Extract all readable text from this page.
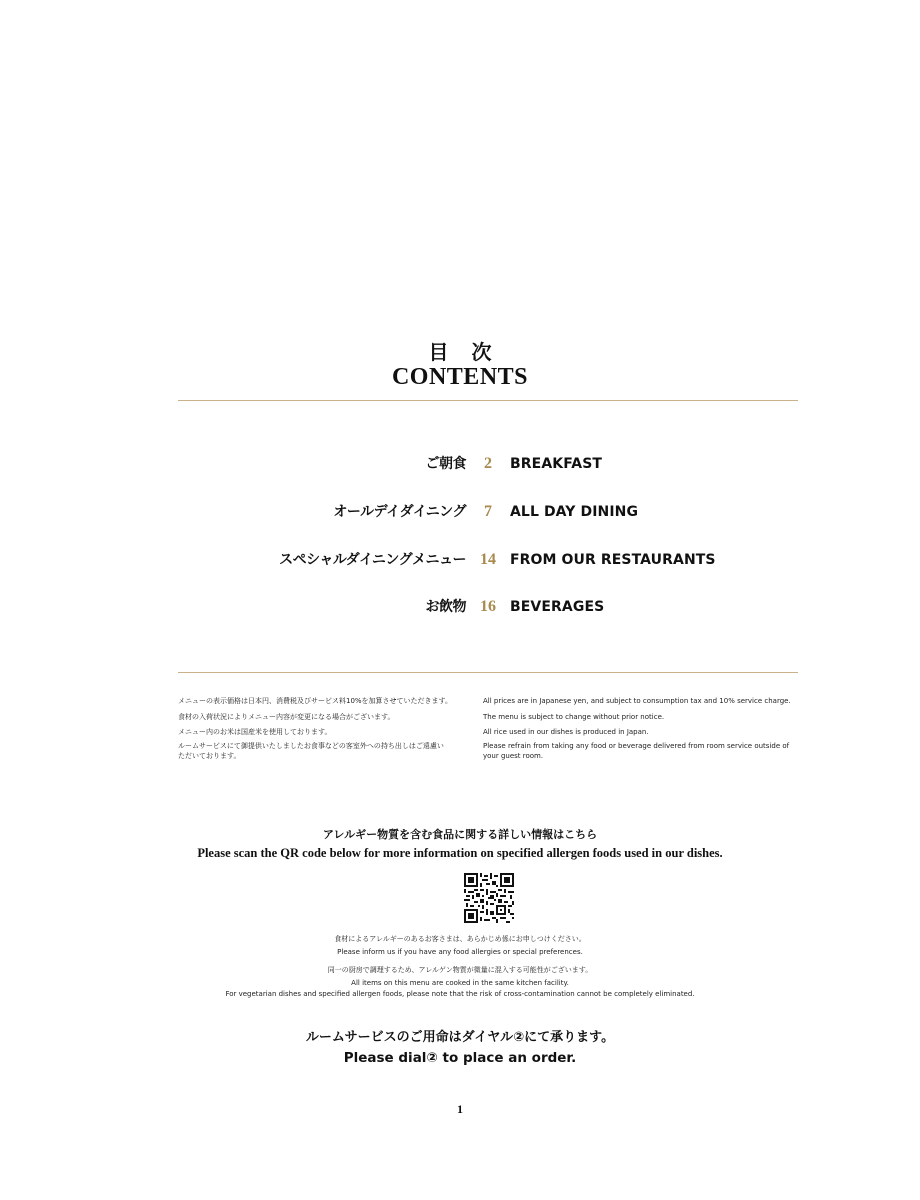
目 次
CONTENTS
ご朝食	2	BREAKFAST
オールデイダイニング	7	ALL DAY DINING
スペシャルダイニングメニュー 14	FROM OUR RESTAURANTS
お飲物 16	BEVERAGES

メニューの表示価格は日本円、消費税及びサービス料10%を加算させていただきます。

食材の入荷状況によりメニュー内容が変更になる場合がございます。

メニュー内のお米は国産米を使用しております。

ルームサービスにて御提供いたしましたお食事などの客室外への持ち出しはご遠慮いただいております。

All prices are in Japanese yen, and subject to consumption tax and 10% service charge.

The menu is subject to change without prior notice.

All rice used in our dishes is produced in Japan.

Please refrain from taking any food or beverage delivered from room service outside of your guest room.

アレルギー物質を含む食品に関する詳しい情報はこちら
Please scan the QR code below for more information on specified allergen foods used in our dishes.
食材によるアレルギーのあるお客さまは、あらかじめ係にお申しつけください。
Please inform us if you have any food allergies or special preferences.
同一の厨房で調理するため、アレルゲン物質が微量に混入する可能性がございます。
All items on this menu are cooked in the same kitchen facility.
For vegetarian dishes and specified allergen foods, please note that the risk of cross-contamination cannot be completely eliminated.
ルームサービスのご用命はダイヤル②にて承ります。
Please dial② to place an order.
1
